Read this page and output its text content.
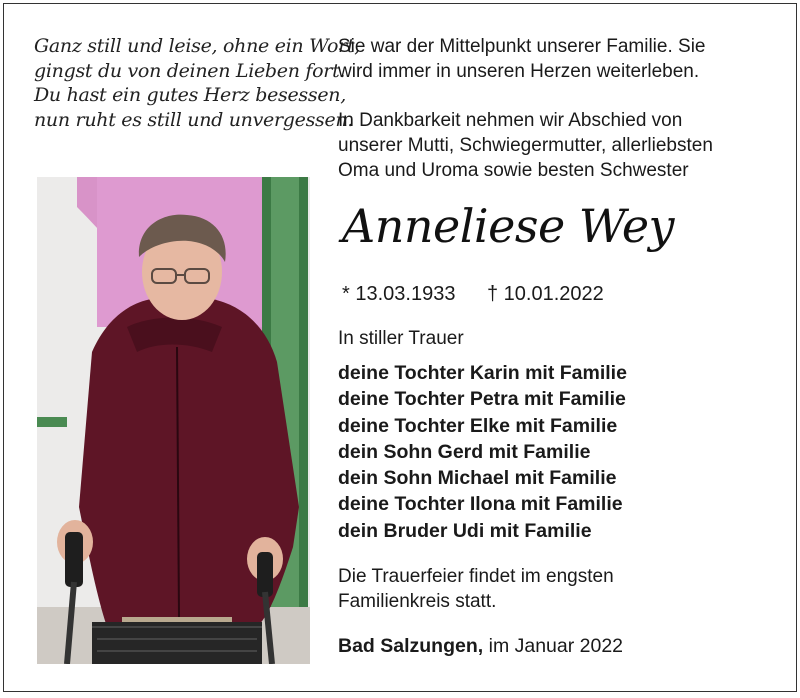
Ganz still und leise, ohne ein Wort,
gingst du von deinen Lieben fort.
Du hast ein gutes Herz besessen,
nun ruht es still und unvergessen.
Sie war der Mittelpunkt unserer Familie. Sie
wird immer in unseren Herzen weiterleben.
In Dankbarkeit nehmen wir Abschied von
unserer Mutti, Schwiegermutter, allerliebsten
Oma und Uroma sowie besten Schwester
Anneliese Wey
* 13.03.1933 † 10.01.2022
In stiller Trauer
deine Tochter Karin mit Familie
deine Tochter Petra mit Familie
deine Tochter Elke mit Familie
dein Sohn Gerd mit Familie
dein Sohn Michael mit Familie
deine Tochter Ilona mit Familie
dein Bruder Udi mit Familie
Die Trauerfeier findet im engsten
Familienkreis statt.
Bad Salzungen, im Januar 2022
